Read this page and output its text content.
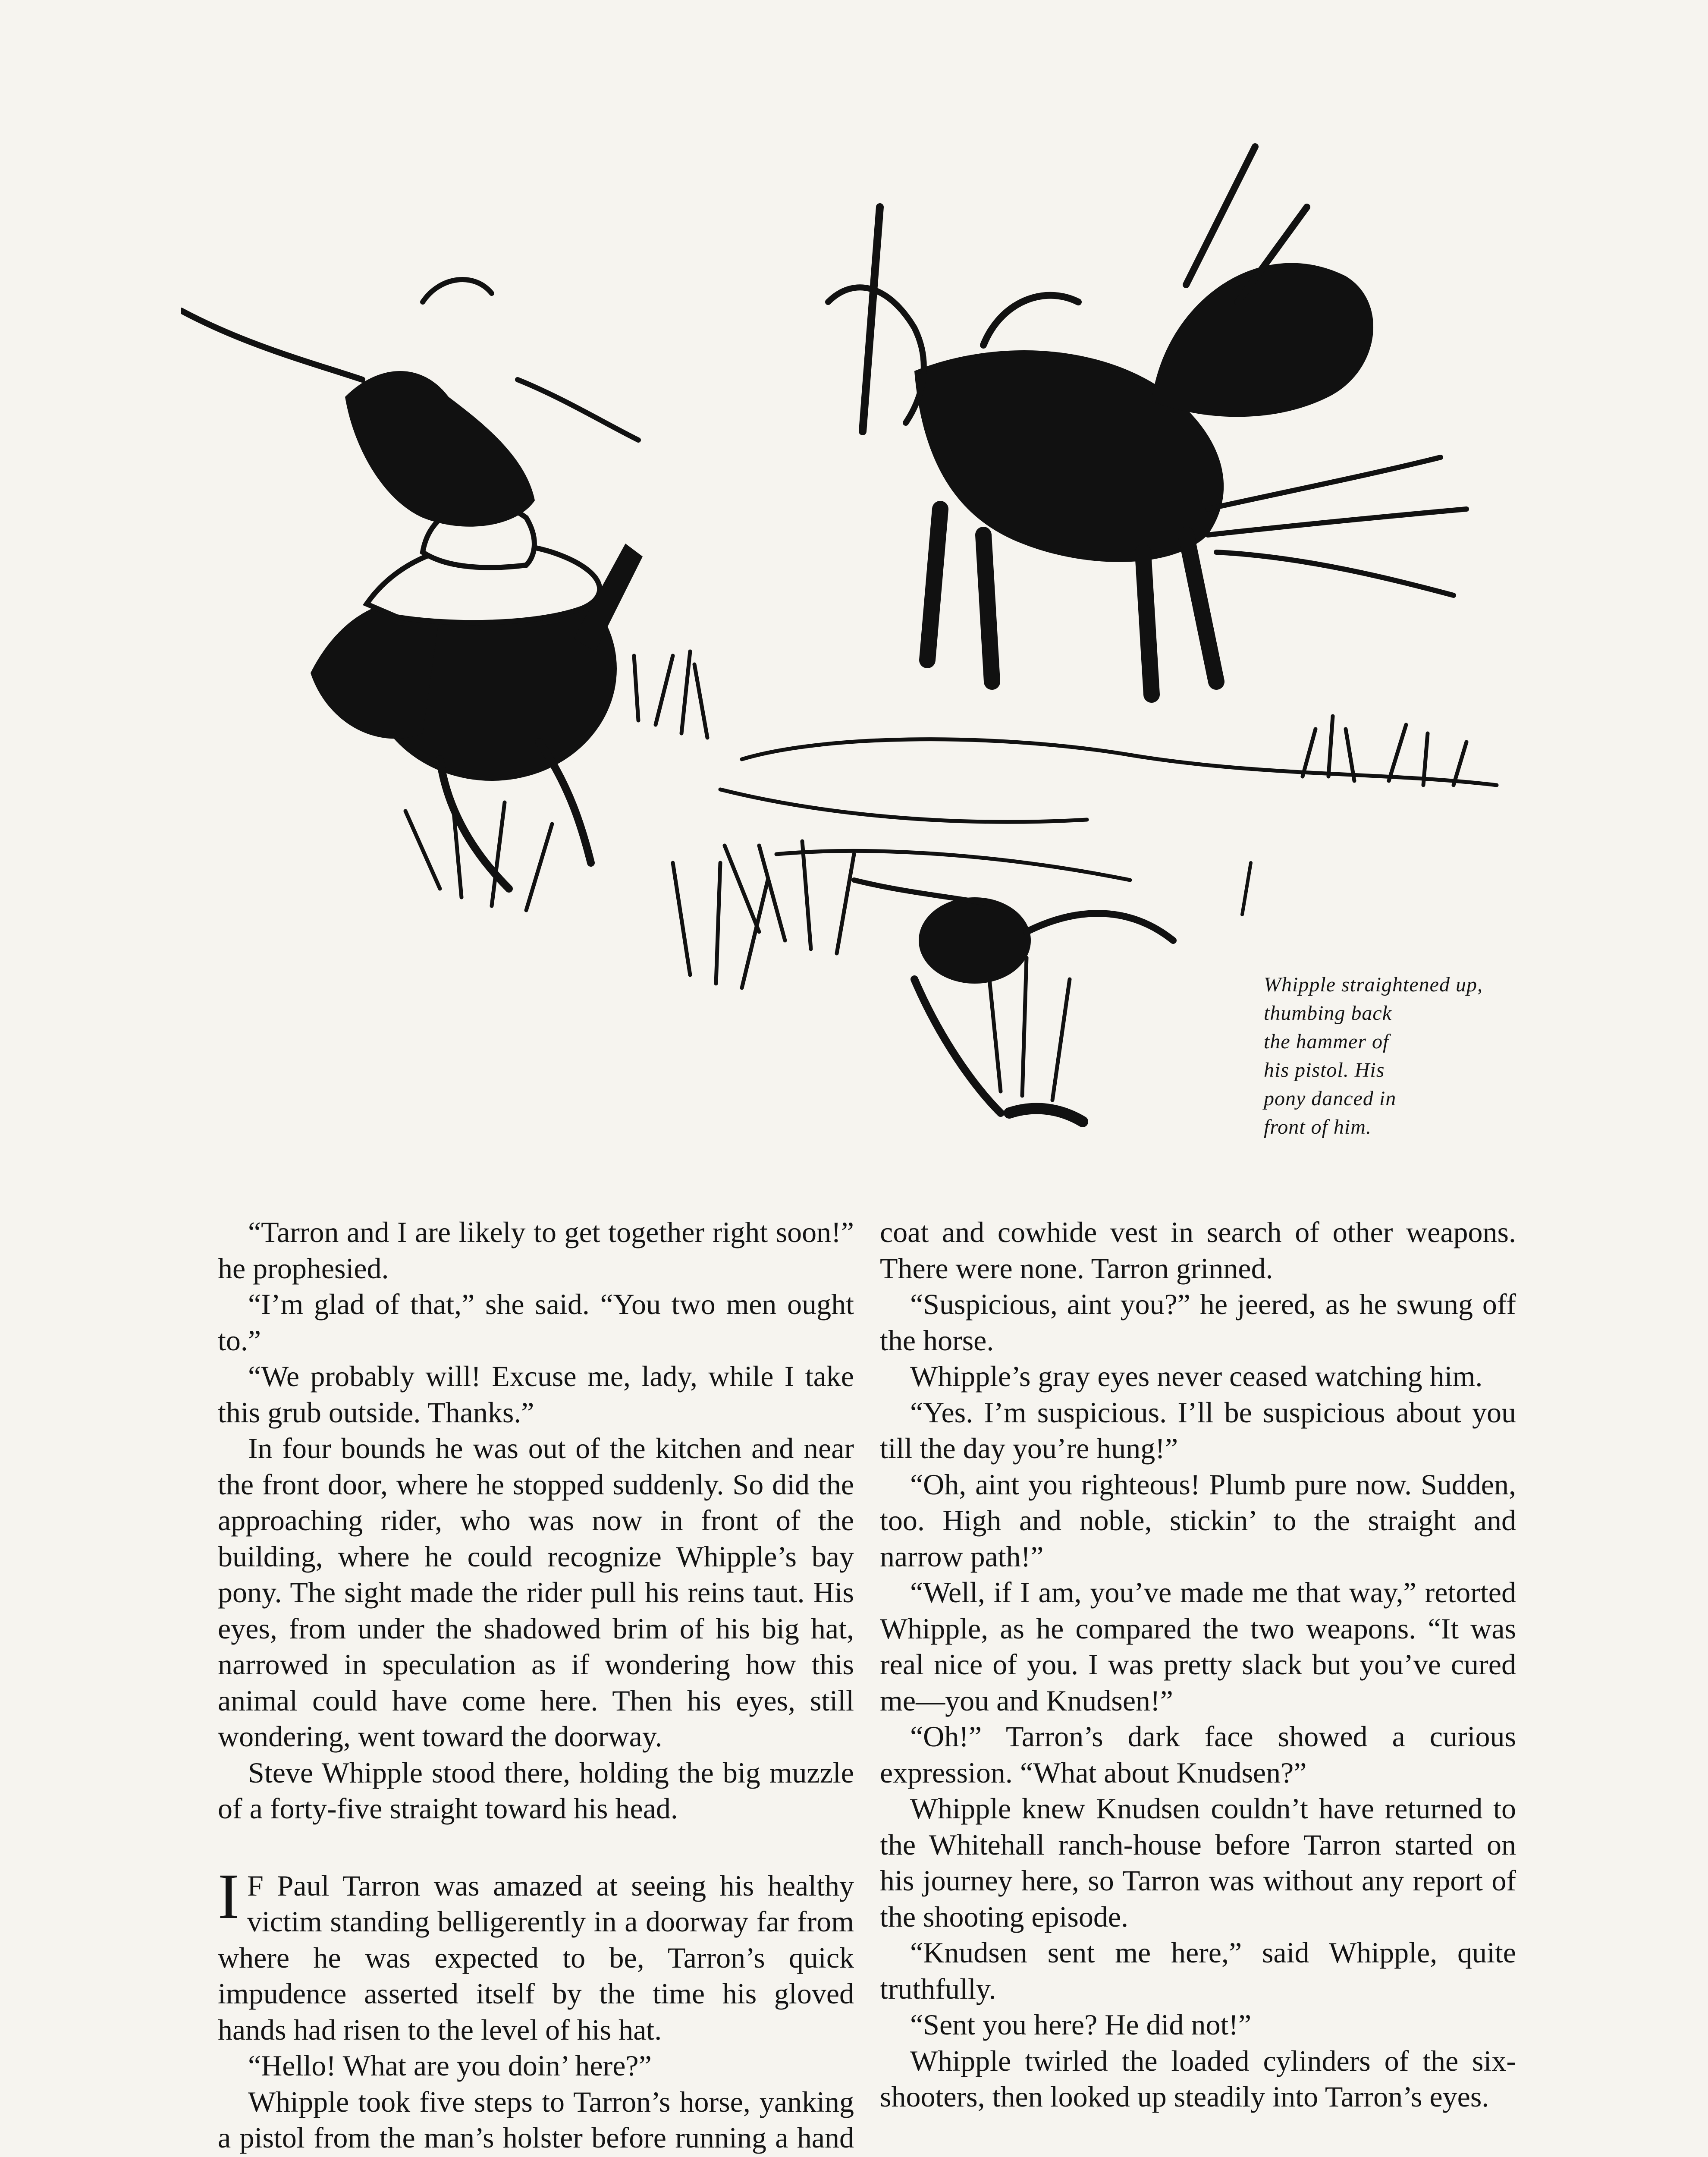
Whipple straightened up,
thumbing back
the hammer of
his pistol. His
pony danced in
front of him.

“Tarron and I are likely to get together right soon!” he prophesied.

“I’m glad of that,” she said. “You two men ought to.”

“We probably will! Excuse me, lady, while I take this grub outside. Thanks.”

In four bounds he was out of the kitchen and near the front door, where he stopped suddenly. So did the approaching rider, who was now in front of the building, where he could recognize Whipple’s bay pony. The sight made the rider pull his reins taut. His eyes, from under the shadowed brim of his big hat, narrowed in speculation as if wondering how this animal could have come here. Then his eyes, still wondering, went toward the doorway.

Steve Whipple stood there, holding the big muzzle of a forty-five straight toward his head.

I F Paul Tarron was amazed at seeing his healthy victim standing belligerently in a doorway far from where he was expected to be, Tarron’s quick impudence asserted itself by the time his gloved hands had risen to the level of his hat.

“Hello! What are you doin’ here?”

Whipple took five steps to Tarron’s horse, yanking a pistol from the man’s holster before running a hand

coat and cowhide vest in search of other weapons. There were none. Tarron grinned.

“Suspicious, aint you?” he jeered, as he swung off the horse.

Whipple’s gray eyes never ceased watching him.

“Yes. I’m suspicious. I’ll be suspicious about you till the day you’re hung!”

“Oh, aint you righteous! Plumb pure now. Sudden, too. High and noble, stickin’ to the straight and narrow path!”

“Well, if I am, you’ve made me that way,” retorted Whipple, as he compared the two weapons. “It was real nice of you. I was pretty slack but you’ve cured me—you and Knudsen!”

“Oh!” Tarron’s dark face showed a curious expression. “What about Knudsen?”

Whipple knew Knudsen couldn’t have returned to the Whitehall ranch-house before Tarron started on his journey here, so Tarron was without any report of the shooting episode.

“Knudsen sent me here,” said Whipple, quite truthfully.

“Sent you here? He did not!”

Whipple twirled the loaded cylinders of the six-shooters, then looked up steadily into Tarron’s eyes.
